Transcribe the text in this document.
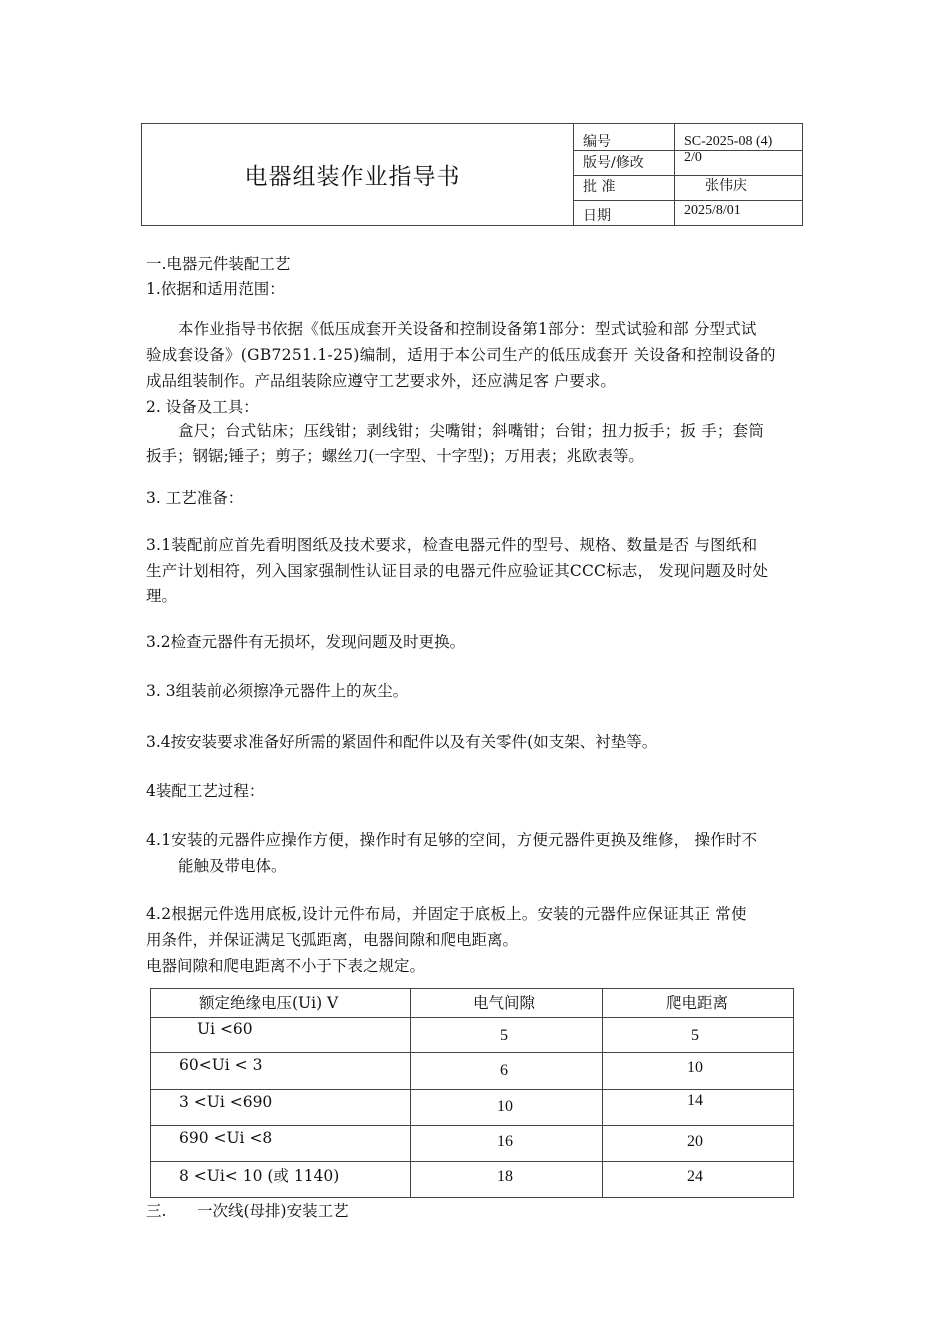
电器组装作业指导书
编号	SC-2025-08 (4)
版号/修改	2/0
批 准	张伟庆
日期	2025/8/01
一.电器元件装配工艺
1.依据和适用范围：
本作业指导书依据《低压成套开关设备和控制设备第1部分：型式试验和部 分型式试
验成套设备》(GB7251.1-25)编制，适用于本公司生产的低压成套开 关设备和控制设备的
成品组装制作。产品组装除应遵守工艺要求外，还应满足客 户要求。
2. 设备及工具：
盒尺；台式钻床；压线钳；剥线钳；尖嘴钳；斜嘴钳；台钳；扭力扳手；扳 手；套筒
扳手；钢锯;锤子；剪子；螺丝刀(一字型、十字型)；万用表；兆欧表等。
3. 工艺准备：
3.1装配前应首先看明图纸及技术要求，检查电器元件的型号、规格、数量是否 与图纸和
生产计划相符，列入国家强制性认证目录的电器元件应验证其CCC标志， 发现问题及时处
理。
3.2检查元器件有无损坏，发现问题及时更换。
3. 3组装前必须擦净元器件上的灰尘。
3.4按安装要求准备好所需的紧固件和配件以及有关零件(如支架、衬垫等。
4装配工艺过程：
4.1安装的元器件应操作方便，操作时有足够的空间，方便元器件更换及维修， 操作时不
能触及带电体。
4.2根据元件选用底板,设计元件布局，并固定于底板上。安装的元器件应保证其正 常使
用条件，并保证满足飞弧距离，电器间隙和爬电距离。
电器间隙和爬电距离不小于下表之规定。
额定绝缘电压(Ui) V	电气间隙	爬电距离
Ui <60	5	5
60<Ui < 3	6	10
3 <Ui <690	10	14
690 <Ui <8	16	20
8 <Ui< 10 (或 1140)	18	24
三. 一次线(母排)安装工艺
